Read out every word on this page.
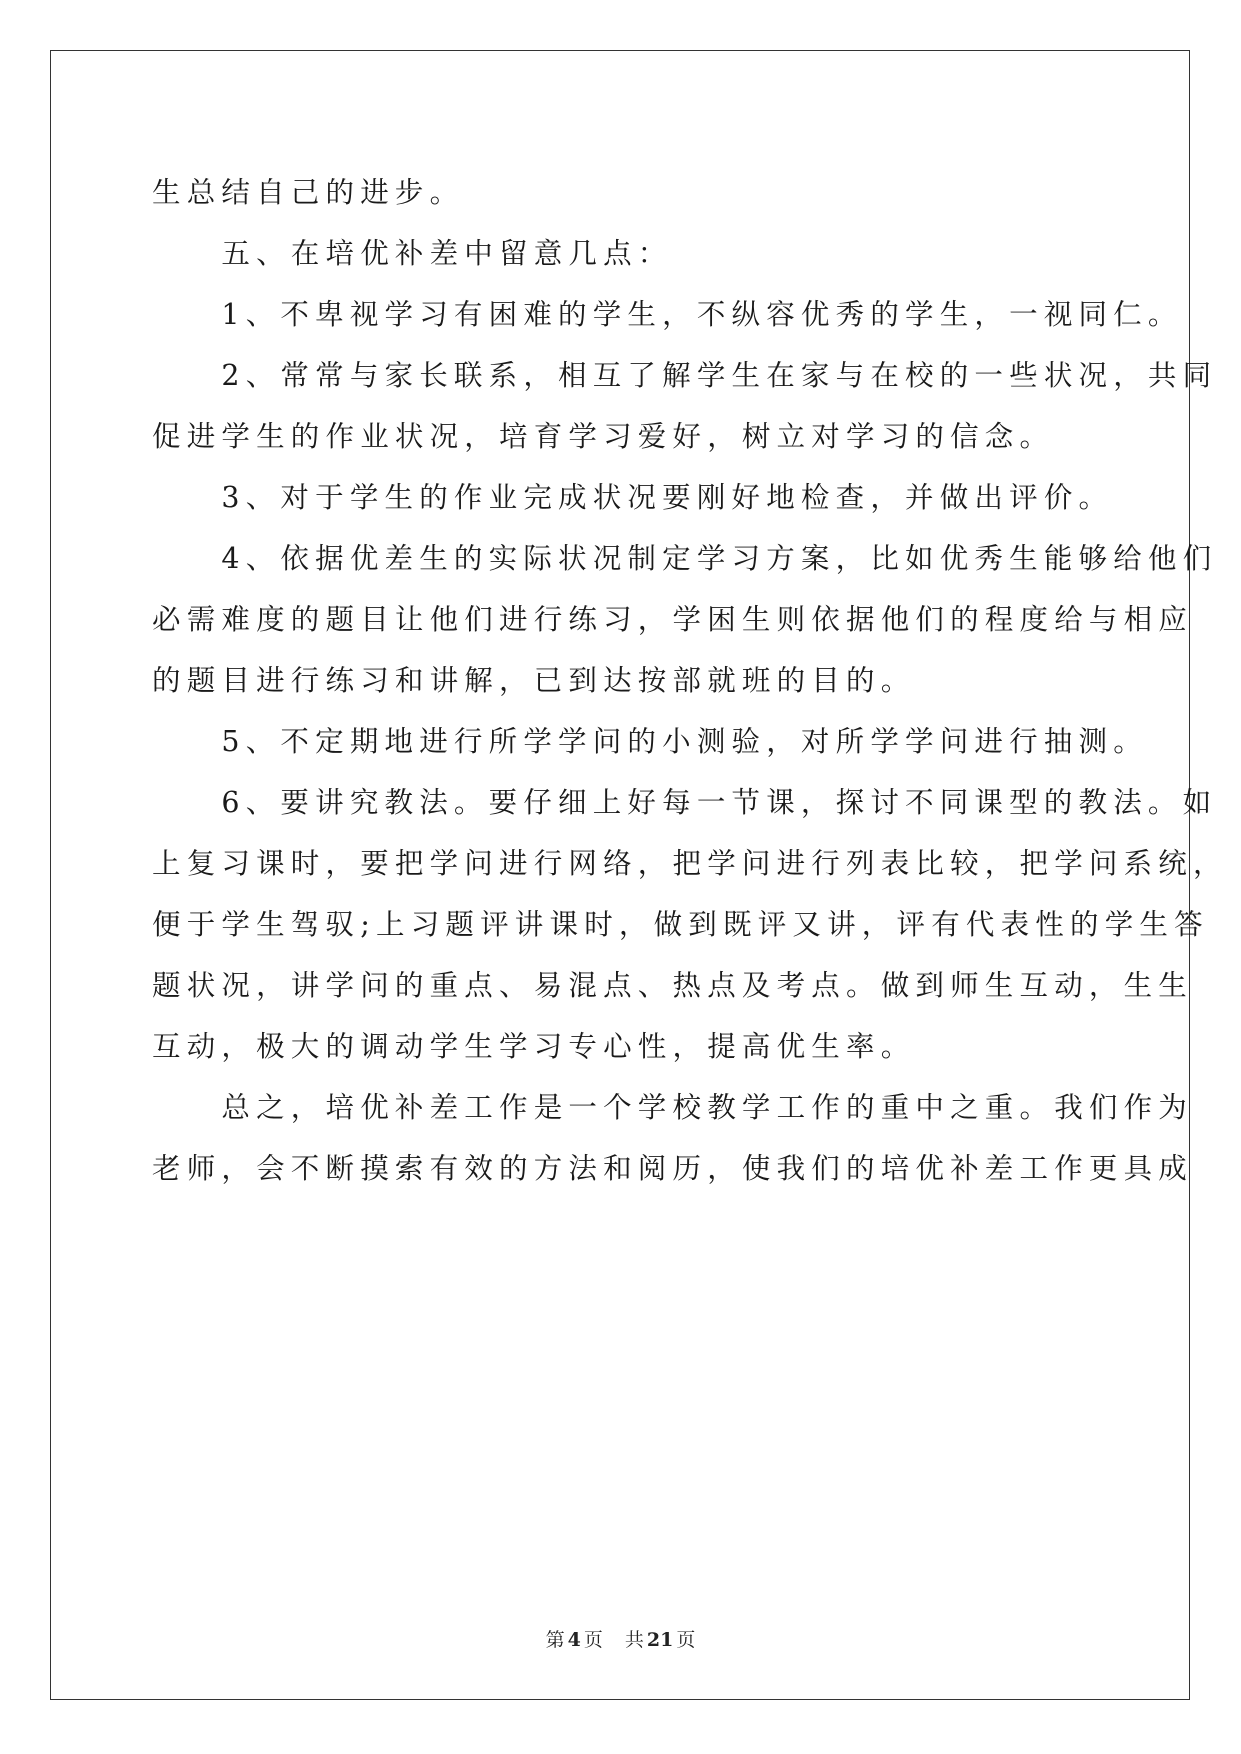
生总结自己的进步。
　　五、在培优补差中留意几点：
　　1、不卑视学习有困难的学生，不纵容优秀的学生，一视同仁。
　　2、常常与家长联系，相互了解学生在家与在校的一些状况，共同
促进学生的作业状况，培育学习爱好，树立对学习的信念。
　　3、对于学生的作业完成状况要刚好地检查，并做出评价。
　　4、依据优差生的实际状况制定学习方案，比如优秀生能够给他们
必需难度的题目让他们进行练习，学困生则依据他们的程度给与相应
的题目进行练习和讲解，已到达按部就班的目的。
　　5、不定期地进行所学学问的小测验，对所学学问进行抽测。
　　6、要讲究教法。要仔细上好每一节课，探讨不同课型的教法。如
上复习课时，要把学问进行网络，把学问进行列表比较，把学问系统，
便于学生驾驭;上习题评讲课时，做到既评又讲，评有代表性的学生答
题状况，讲学问的重点、易混点、热点及考点。做到师生互动，生生
互动，极大的调动学生学习专心性，提高优生率。
　　总之，培优补差工作是一个学校教学工作的重中之重。我们作为
老师，会不断摸索有效的方法和阅历，使我们的培优补差工作更具成
第 4 页 共 21 页
